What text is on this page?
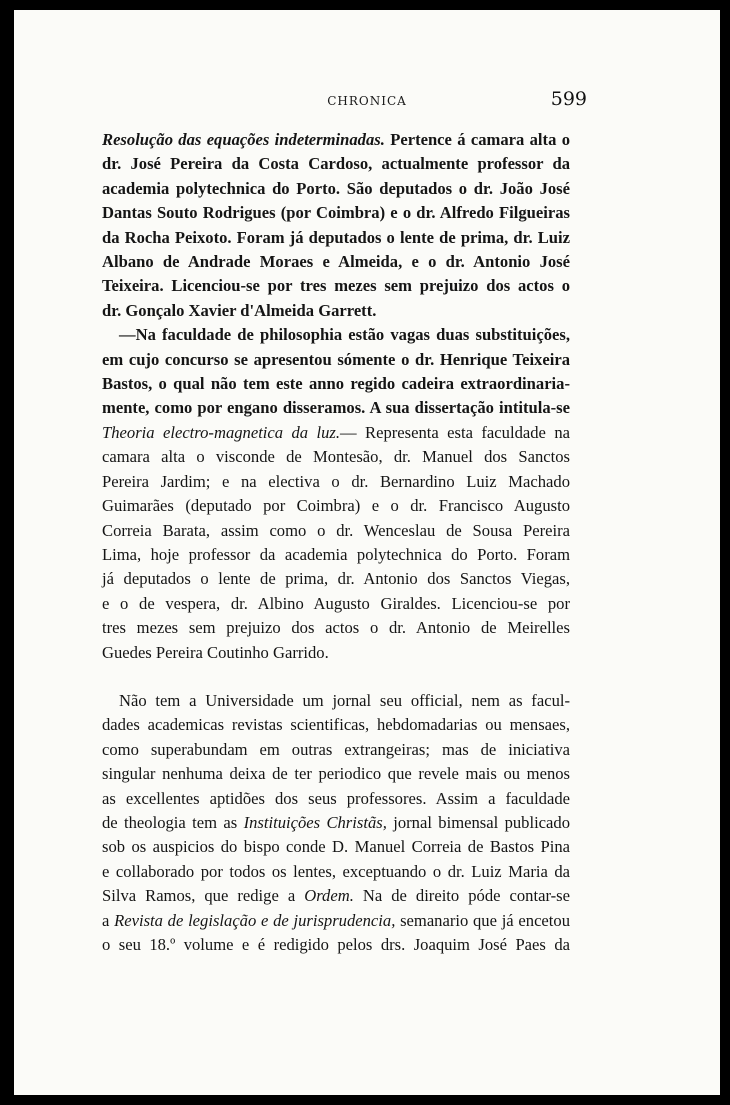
CHRONICA	599
Resolução das equações indeterminadas. Pertence á camara alta o
dr. José Pereira da Costa Cardoso, actualmente professor da
academia polytechnica do Porto. São deputados o dr. João José
Dantas Souto Rodrigues (por Coimbra) e o dr. Alfredo Filgueiras
da Rocha Peixoto. Foram já deputados o lente de prima, dr. Luiz
Albano de Andrade Moraes e Almeida, e o dr. Antonio José
Teixeira. Licenciou-se por tres mezes sem prejuizo dos actos o
dr. Gonçalo Xavier d'Almeida Garrett.
—Na faculdade de philosophia estão vagas duas substituições,
em cujo concurso se apresentou sómente o dr. Henrique Teixeira
Bastos, o qual não tem este anno regido cadeira extraordinaria-
mente, como por engano disseramos. A sua dissertação intitula-se
Theoria electro-magnetica da luz.— Representa esta faculdade na
camara alta o visconde de Montesão, dr. Manuel dos Sanctos
Pereira Jardim; e na electiva o dr. Bernardino Luiz Machado
Guimarães (deputado por Coimbra) e o dr. Francisco Augusto
Correia Barata, assim como o dr. Wenceslau de Sousa Pereira
Lima, hoje professor da academia polytechnica do Porto. Foram
já deputados o lente de prima, dr. Antonio dos Sanctos Viegas,
e o de vespera, dr. Albino Augusto Giraldes. Licenciou-se por
tres mezes sem prejuizo dos actos o dr. Antonio de Meirelles
Guedes Pereira Coutinho Garrido.
Não tem a Universidade um jornal seu official, nem as facul-
dades academicas revistas scientificas, hebdomadarias ou mensaes,
como superabundam em outras extrangeiras; mas de iniciativa
singular nenhuma deixa de ter periodico que revele mais ou menos
as excellentes aptidões dos seus professores. Assim a faculdade
de theologia tem as Instituições Christãs, jornal bimensal publicado
sob os auspicios do bispo conde D. Manuel Correia de Bastos Pina
e collaborado por todos os lentes, exceptuando o dr. Luiz Maria da
Silva Ramos, que redige a Ordem. Na de direito póde contar-se
a Revista de legislação e de jurisprudencia, semanario que já encetou
o seu 18.º volume e é redigido pelos drs. Joaquim José Paes da
